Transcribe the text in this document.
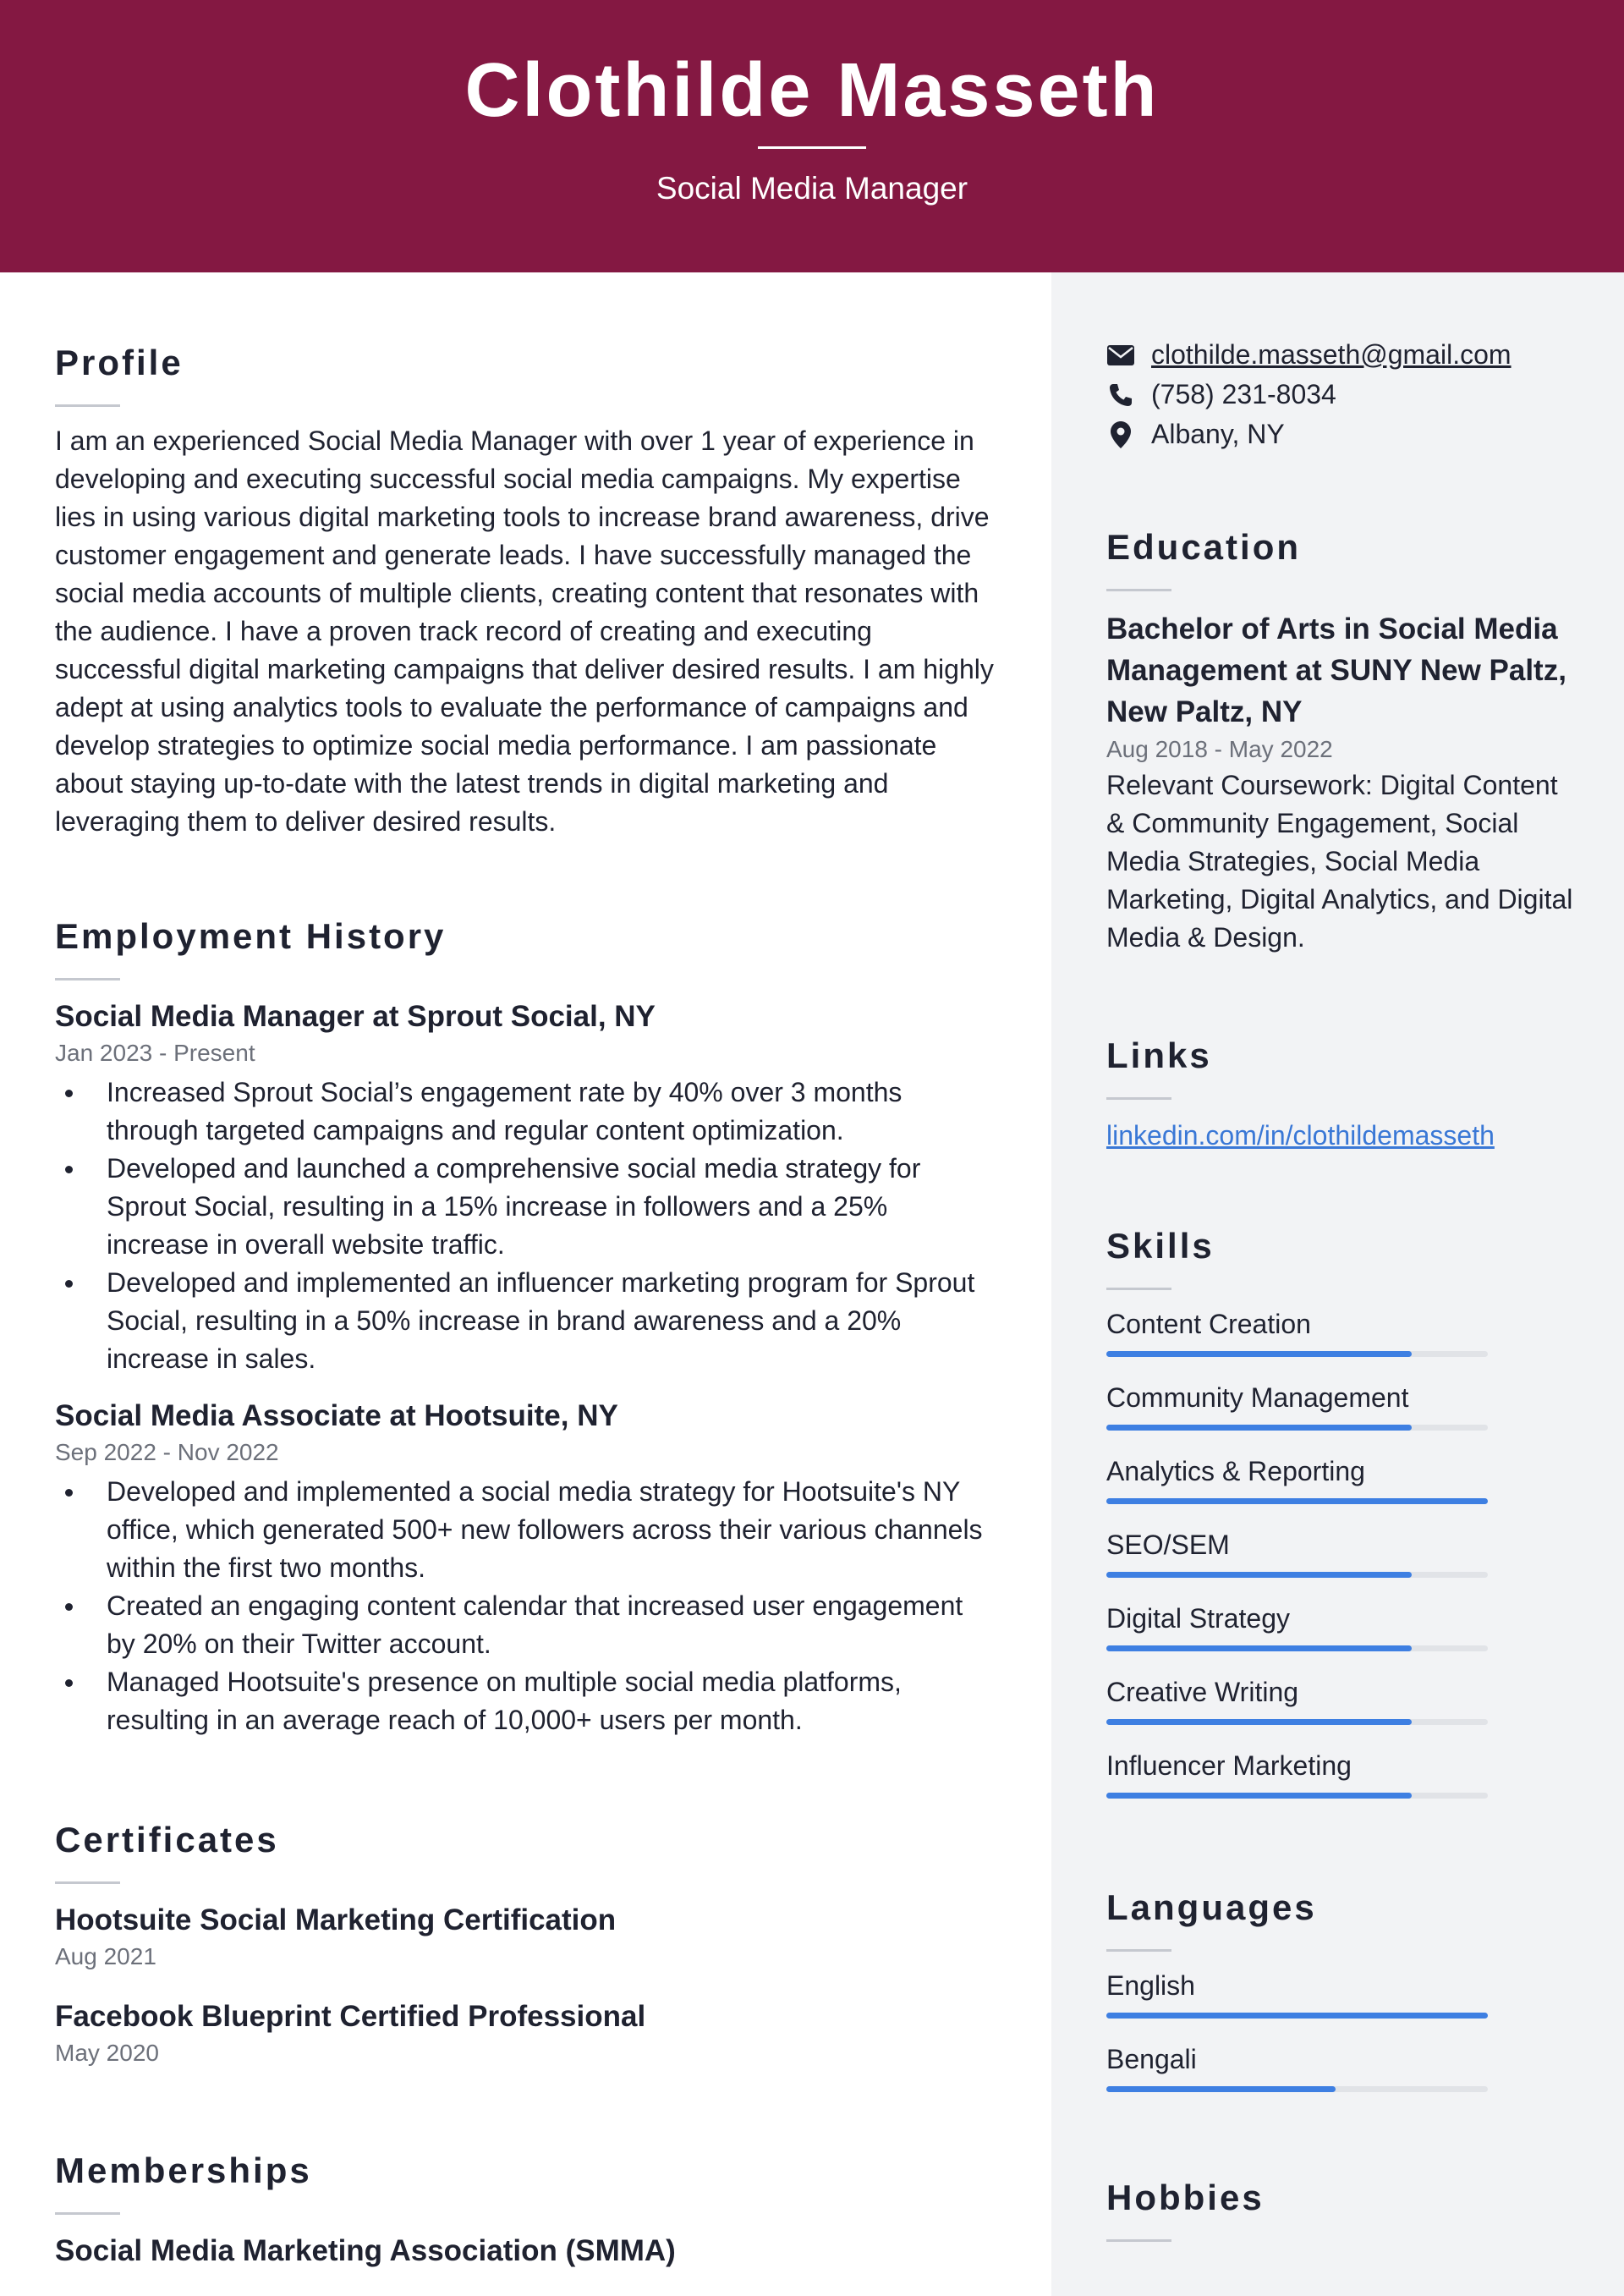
Clothilde Masseth
Social Media Manager
Profile
I am an experienced Social Media Manager with over 1 year of experience in developing and executing successful social media campaigns. My expertise lies in using various digital marketing tools to increase brand awareness, drive customer engagement and generate leads. I have successfully managed the social media accounts of multiple clients, creating content that resonates with the audience. I have a proven track record of creating and executing successful digital marketing campaigns that deliver desired results. I am highly adept at using analytics tools to evaluate the performance of campaigns and develop strategies to optimize social media performance. I am passionate about staying up-to-date with the latest trends in digital marketing and leveraging them to deliver desired results.
Employment History
Social Media Manager at Sprout Social, NY
Jan 2023 - Present
Increased Sprout Social’s engagement rate by 40% over 3 months through targeted campaigns and regular content optimization.
Developed and launched a comprehensive social media strategy for Sprout Social, resulting in a 15% increase in followers and a 25% increase in overall website traffic.
Developed and implemented an influencer marketing program for Sprout Social, resulting in a 50% increase in brand awareness and a 20% increase in sales.
Social Media Associate at Hootsuite, NY
Sep 2022 - Nov 2022
Developed and implemented a social media strategy for Hootsuite's NY office, which generated 500+ new followers across their various channels within the first two months.
Created an engaging content calendar that increased user engagement by 20% on their Twitter account.
Managed Hootsuite's presence on multiple social media platforms, resulting in an average reach of 10,000+ users per month.
Certificates
Hootsuite Social Marketing Certification
Aug 2021
Facebook Blueprint Certified Professional
May 2020
Memberships
Social Media Marketing Association (SMMA)
clothilde.masseth@gmail.com
(758) 231-8034
Albany, NY
Education
Bachelor of Arts in Social Media Management at SUNY New Paltz, New Paltz, NY
Aug 2018 - May 2022
Relevant Coursework: Digital Content & Community Engagement, Social Media Strategies, Social Media Marketing, Digital Analytics, and Digital Media & Design.
Links
linkedin.com/in/clothildemasseth
Skills
Content Creation
Community Management
Analytics & Reporting
SEO/SEM
Digital Strategy
Creative Writing
Influencer Marketing
Languages
English
Bengali
Hobbies
